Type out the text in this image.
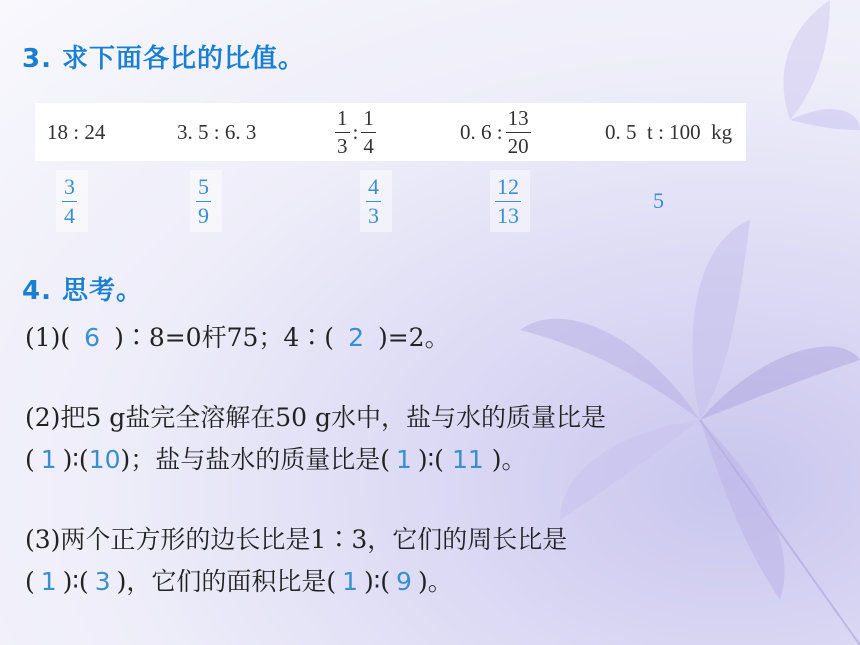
3. 求下面各比的比值。
18 : 24	3. 5 : 6. 3	$\frac{1}{3}$ : $\frac{1}{4}$	0. 6 : $\frac{13}{20}$	0. 5  t : 100  kg
$\frac{3}{4}$	$\frac{5}{9}$	$\frac{4}{3}$	$\frac{12}{13}$	5
4. 思考。
(1)( 6 )∶8=0杆75；4∶( 2 )=2。
(2)把5 g盐完全溶解在50 g水中，盐与水的质量比是
( 1 )∶(10)；盐与盐水的质量比是( 1 )∶( 11 )。
(3)两个正方形的边长比是1∶3，它们的周长比是
( 1 )∶( 3 )，它们的面积比是( 1 )∶( 9 )。
